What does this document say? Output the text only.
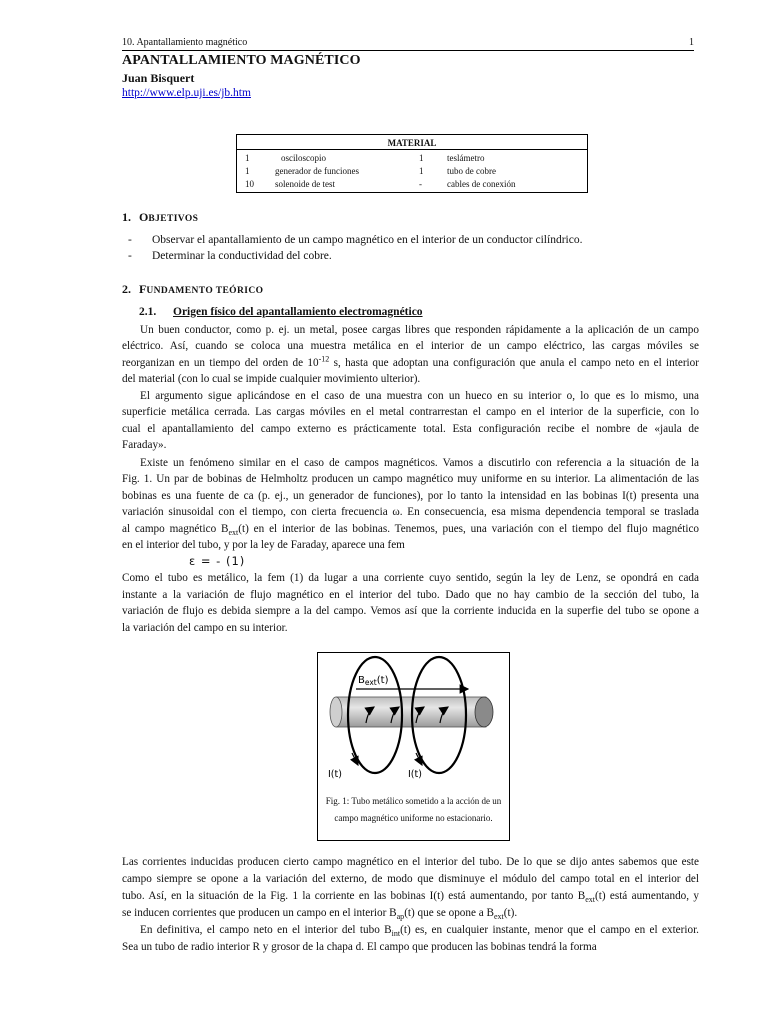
10. Apantallamiento magnético	1
APANTALLAMIENTO MAGNÉTICO
Juan Bisquert
http://www.elp.uji.es/jb.htm
MATERIAL
1	osciloscopio	1	teslámetro
1	generador de funciones	1	tubo de cobre
10 solenoide de test	-	cables de conexión
1. OBJETIVOS
- Observar el apantallamiento de un campo magnético en el interior de un conductor cilíndrico.
- Determinar la conductividad del cobre.
2. FUNDAMENTO TEÓRICO
2.1. Origen físico del apantallamiento electromagnético
Un buen conductor, como p. ej. un metal, posee cargas libres que responden rápidamente a la aplicación de un campo
eléctrico. Así, cuando se coloca una muestra metálica en el interior de un campo eléctrico, las cargas móviles se
reorganizan en un tiempo del orden de $10^{-12}$ s, hasta que adoptan una configuración que anula el campo neto en el interior
del material (con lo cual se impide cualquier movimiento ulterior).
El argumento sigue aplicándose en el caso de una muestra con un hueco en su interior o, lo que es lo mismo, una
superficie metálica cerrada. Las cargas móviles en el metal contrarrestan el campo en el interior de la superficie, con lo
cual el apantallamiento del campo externo es prácticamente total. Esta configuración recibe el nombre de «jaula de
Faraday».
Existe un fenómeno similar en el caso de campos magnéticos. Vamos a discutirlo con referencia a la situación de la
Fig. 1. Un par de bobinas de Helmholtz producen un campo magnético muy uniforme en su interior. La alimentación de las
bobinas es una fuente de ca (p. ej., un generador de funciones), por lo tanto la intensidad en las bobinas I(t) presenta una
variación sinusoidal con el tiempo, con cierta frecuencia ω. En consecuencia, esa misma dependencia temporal se traslada
al campo magnético $B_{ext}(t)$ en el interior de las bobinas. Tenemos, pues, una variación con el tiempo del flujo magnético
en el interior del tubo, y por la ley de Faraday, aparece una fem
ε = - (1)
Como el tubo es metálico, la fem (1) da lugar a una corriente cuyo sentido, según la ley de Lenz, se opondrá en cada
instante a la variación de flujo magnético en el interior del tubo. Dado que no hay cambio de la sección del tubo, la
variación de flujo es debida siempre a la del campo. Vemos así que la corriente inducida en la superfie del tubo se opone a
la variación del campo en su interior.
$B_{ext}(t)$
I(t)	I(t)
Fig. 1: Tubo metálico sometido a la acción de un campo magnético uniforme no estacionario.
Las corrientes inducidas producen cierto campo magnético en el interior del tubo. De lo que se dijo antes sabemos que este
campo siempre se opone a la variación del externo, de modo que disminuye el módulo del campo total en el interior del
tubo. Así, en la situación de la Fig. 1 la corriente en las bobinas I(t) está aumentando, por tanto $B_{ext}(t)$ está aumentando, y
se inducen corrientes que producen un campo en el interior $B_{ap}(t)$ que se opone a $B_{ext}(t)$.
En definitiva, el campo neto en el interior del tubo $B_{int}(t)$ es, en cualquier instante, menor que el campo en el exterior.
Sea un tubo de radio interior R y grosor de la chapa d. El campo que producen las bobinas tendrá la forma
